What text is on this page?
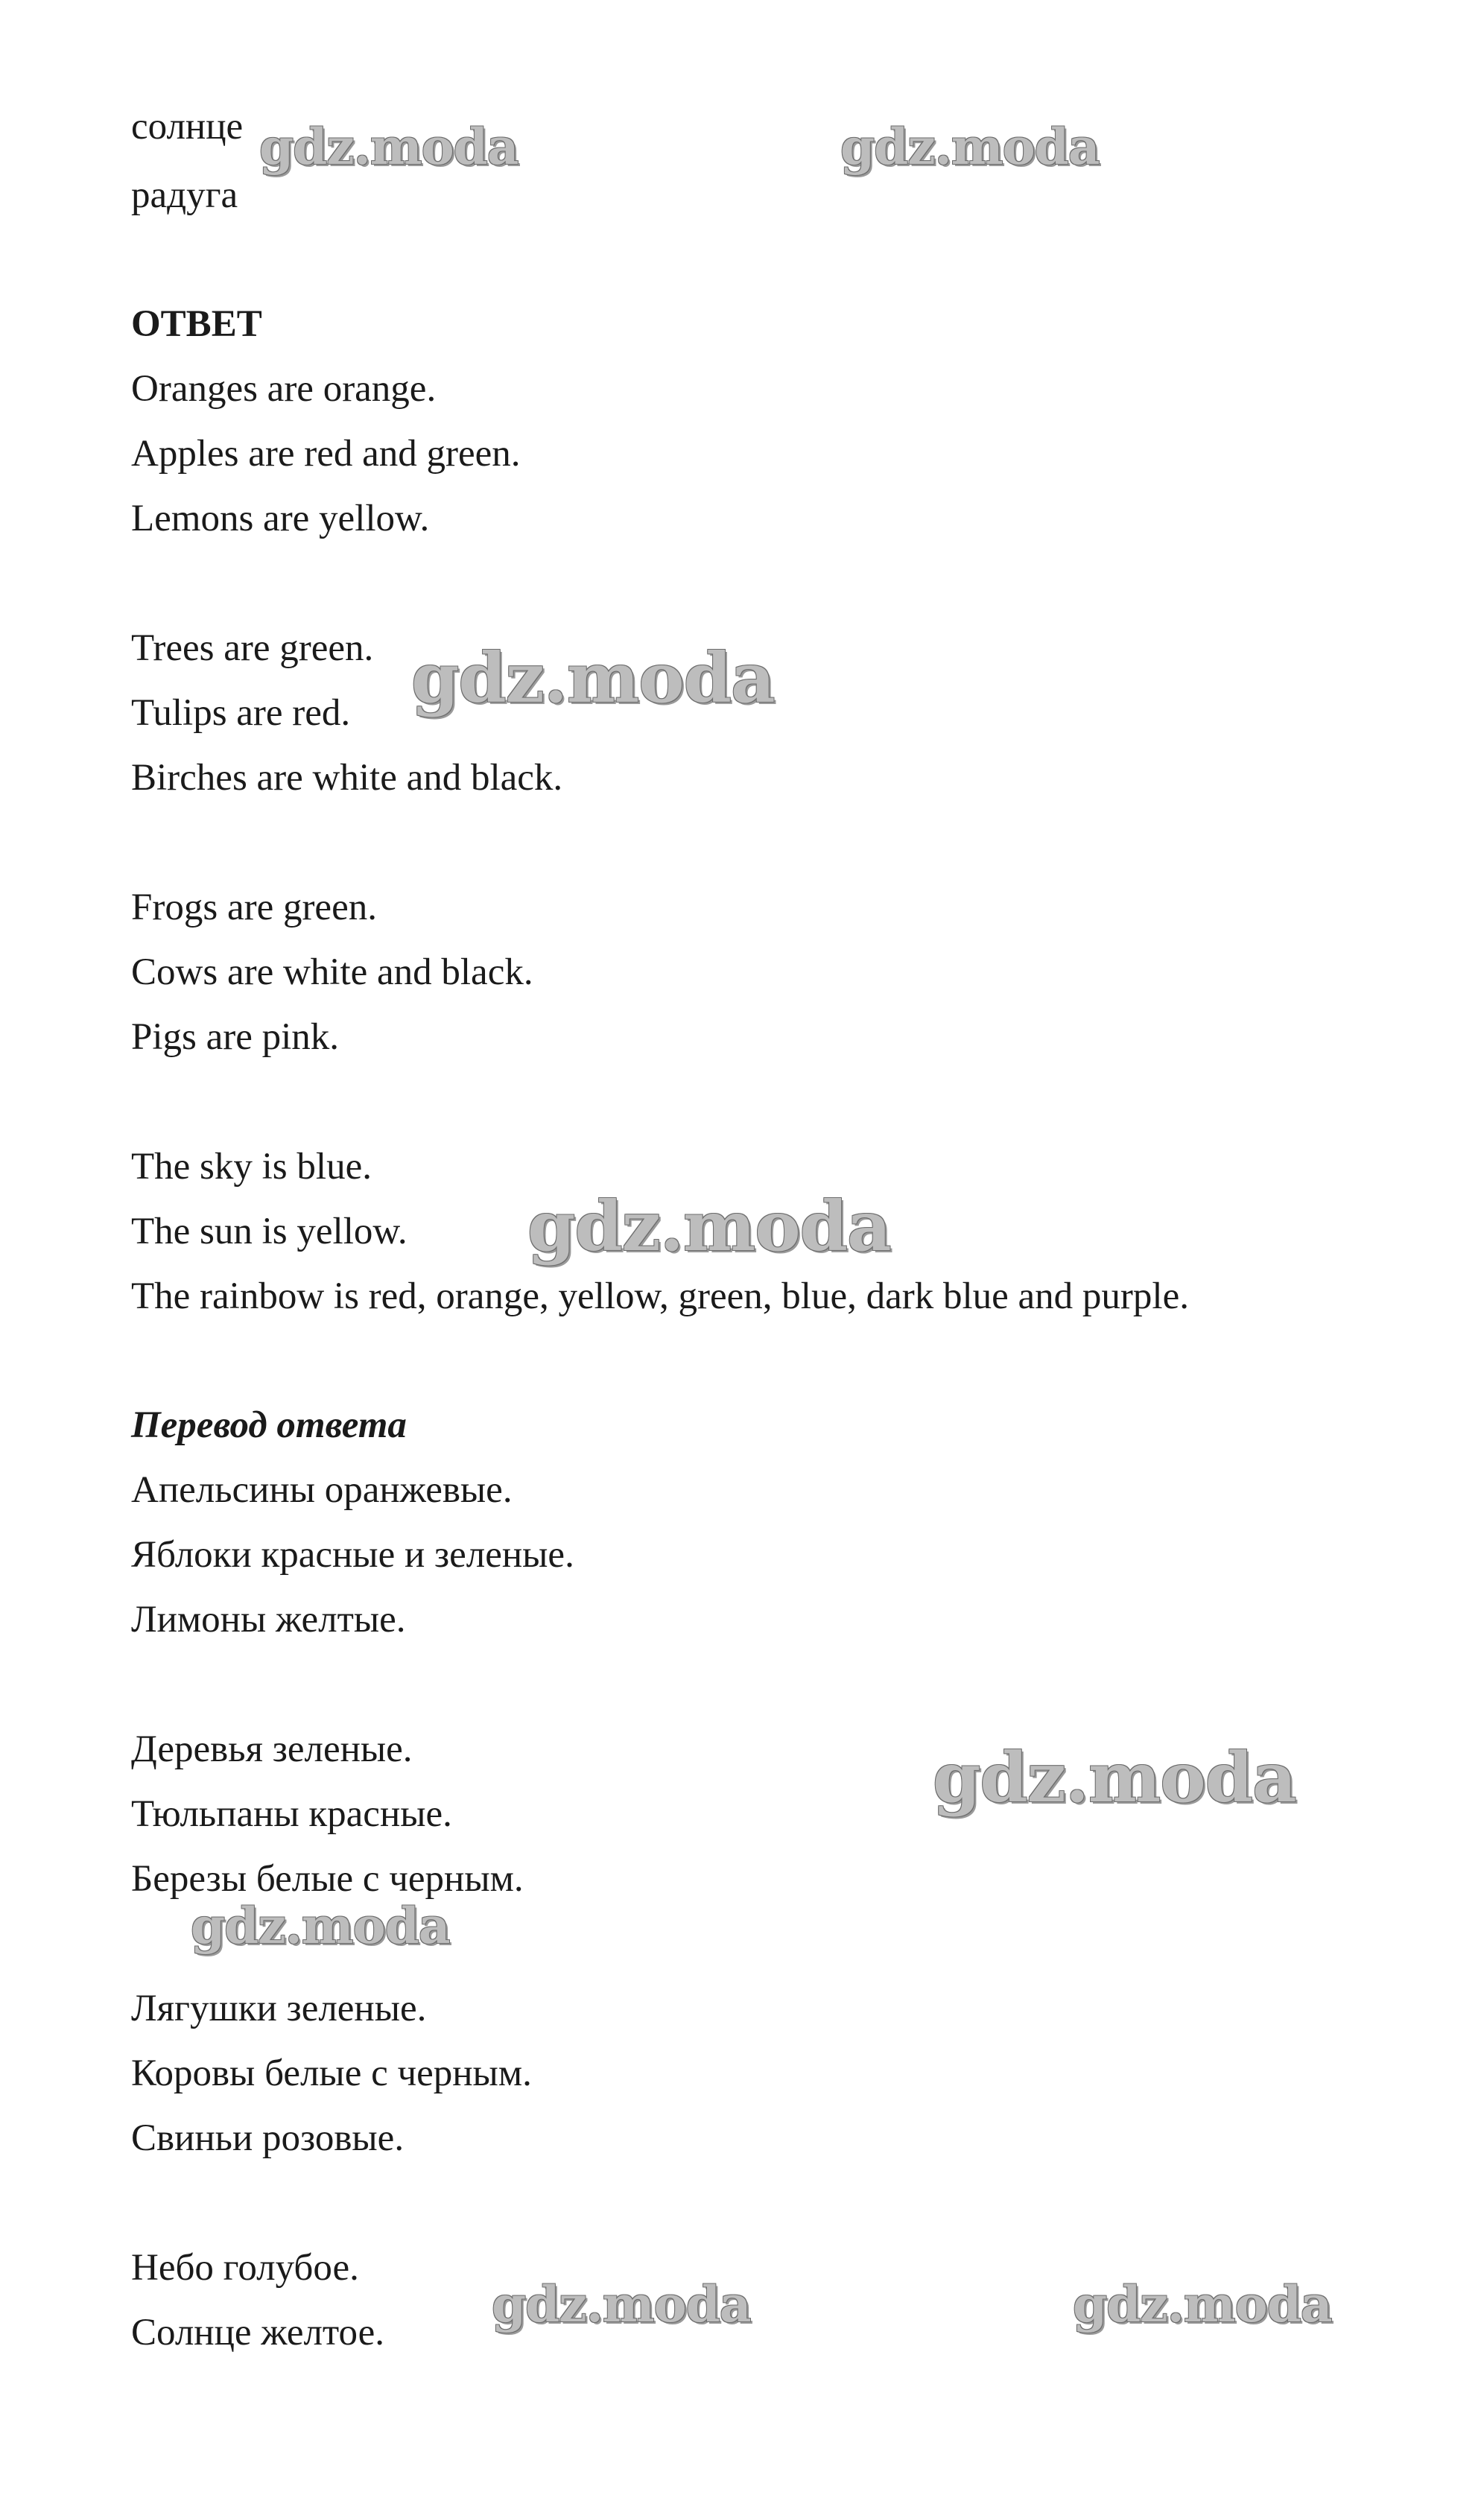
солнце
радуга
ОТВЕТ
Oranges are orange.
Apples are red and green.
Lemons are yellow.
Trees are green.
Tulips are red.
Birches are white and black.
Frogs are green.
Cows are white and black.
Pigs are pink.
The sky is blue.
The sun is yellow.
The rainbow is red, orange, yellow, green, blue, dark blue and purple.
Перевод ответа
Апельсины оранжевые.
Яблоки красные и зеленые.
Лимоны желтые.
Деревья зеленые.
Тюльпаны красные.
Березы белые с черным.
Лягушки зеленые.
Коровы белые с черным.
Свиньи розовые.
Небо голубое.
Солнце желтое.
gdz.moda	gdz.moda
gdz.moda
gdz.moda
gdz.moda
gdz.moda
gdz.moda	gdz.moda
